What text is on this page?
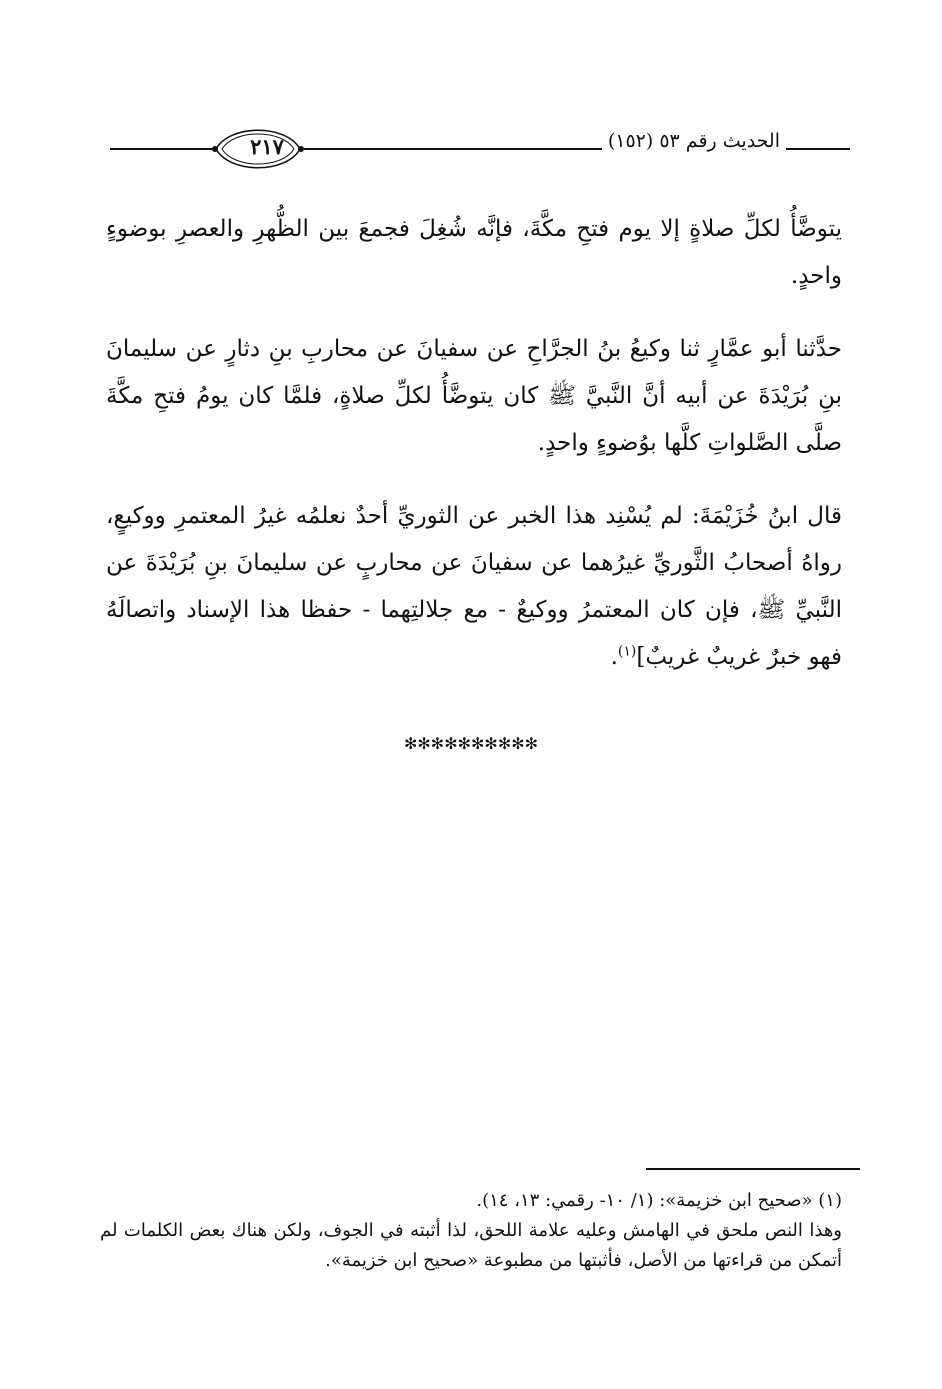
الحديث رقم ٥٣ (١٥٢)
٢١٧

يتوضَّأُ لكلِّ صلاةٍ إلا يوم فتحِ مكَّةَ، فإنَّه شُغِلَ فجمعَ بين الظُّهرِ والعصرِ بوضوءٍ واحدٍ.

حدَّثنا أبو عمَّارٍ ثنا وكيعُ بنُ الجرَّاحِ عن سفيانَ عن محاربِ بنِ دثارٍ عن سليمانَ بنِ بُرَيْدَةَ عن أبيه أنَّ النَّبيَّ ﷺ كان يتوضَّأُ لكلِّ صلاةٍ، فلمَّا كان يومُ فتحِ مكَّةَ صلَّى الصَّلواتِ كلَّها بوُضوءٍ واحدٍ.

قال ابنُ خُزَيْمَةَ: لم يُسْنِد هذا الخبر عن الثوريِّ أحدٌ نعلمُه غيرُ المعتمرِ ووكيعٍ، رواهُ أصحابُ الثَّوريِّ غيرُهما عن سفيانَ عن محاربٍ عن سليمانَ بنِ بُرَيْدَةَ عن النَّبيِّ ﷺ، فإن كان المعتمرُ ووكيعٌ - مع جلالتِهما - حفظا هذا الإسناد واتصالَهُ فهو خبرٌ غريبٌ غريبٌ]$^{(١)}$.

✻✻✻✻✻✻✻✻✻✻

(١) «صحيح ابن خزيمة»: (١/ ١٠- رقمي: ١٣، ١٤).

وهذا النص ملحق في الهامش وعليه علامة اللحق، لذا أثبته في الجوف، ولكن هناك بعض الكلمات لم أتمكن من قراءتها من الأصل، فأثبتها من مطبوعة «صحيح ابن خزيمة».
